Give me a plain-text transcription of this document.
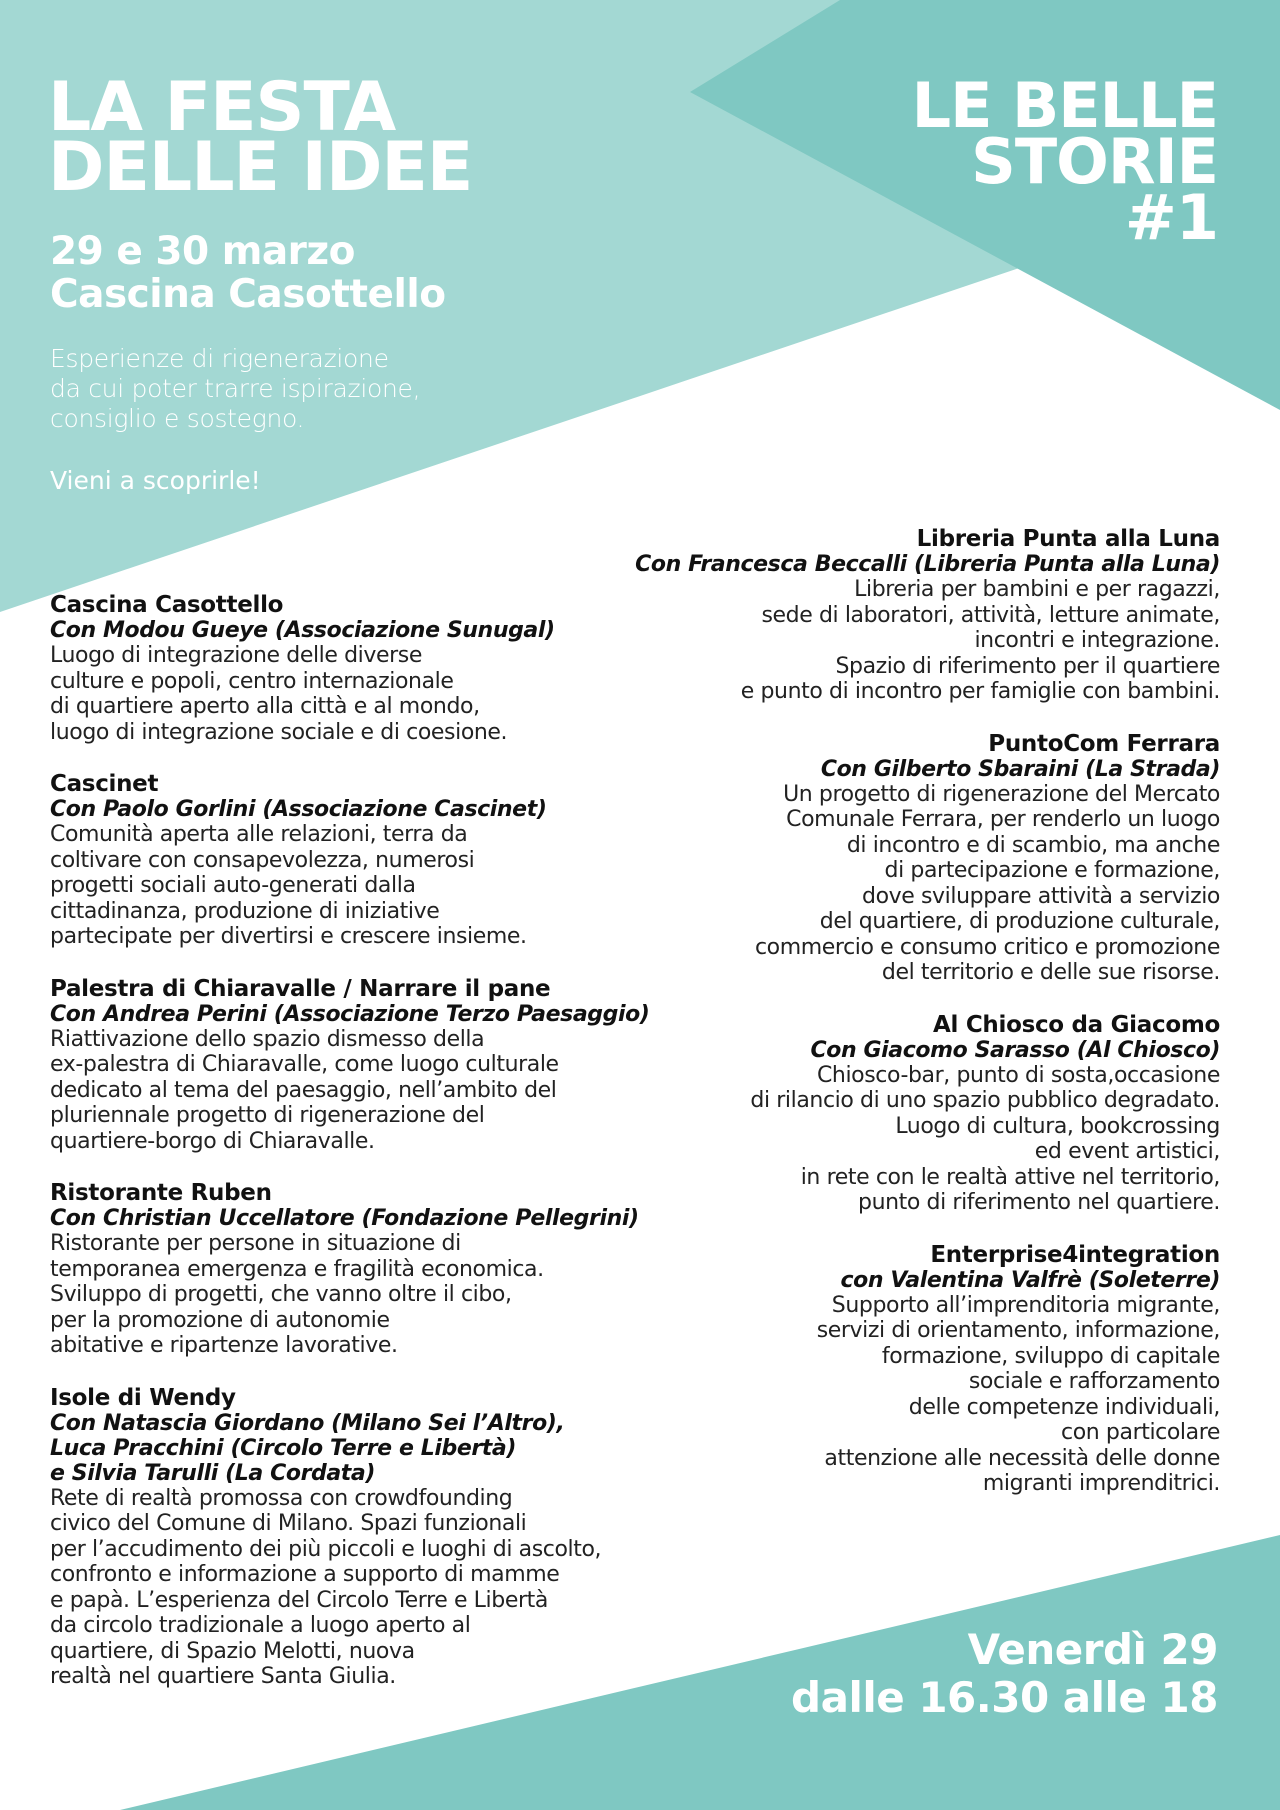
LA FESTA
DELLE IDEE

29 e 30 marzo
Cascina Casottello

Esperienze di rigenerazione
da cui poter trarre ispirazione,
consiglio e sostegno.

Vieni a scoprirle!

LE BELLE
STORIE
#1
Cascina Casottello

Con Modou Gueye (Associazione Sunugal)

Luogo di integrazione delle diverse
culture e popoli, centro internazionale
di quartiere aperto alla città e al mondo,
luogo di integrazione sociale e di coesione.

Cascinet

Con Paolo Gorlini (Associazione Cascinet)

Comunità aperta alle relazioni, terra da
coltivare con consapevolezza, numerosi
progetti sociali auto-generati dalla
cittadinanza, produzione di iniziative
partecipate per divertirsi e crescere insieme.

Palestra di Chiaravalle / Narrare il pane

Con Andrea Perini (Associazione Terzo Paesaggio)

Riattivazione dello spazio dismesso della
ex-palestra di Chiaravalle, come luogo culturale
dedicato al tema del paesaggio, nell’ambito del
pluriennale progetto di rigenerazione del
quartiere-borgo di Chiaravalle.

Ristorante Ruben

Con Christian Uccellatore (Fondazione Pellegrini)

Ristorante per persone in situazione di
temporanea emergenza e fragilità economica.
Sviluppo di progetti, che vanno oltre il cibo,
per la promozione di autonomie
abitative e ripartenze lavorative.

Isole di Wendy

Con Natascia Giordano (Milano Sei l’Altro),
Luca Pracchini (Circolo Terre e Libertà)
e Silvia Tarulli (La Cordata)

Rete di realtà promossa con crowdfounding
civico del Comune di Milano. Spazi funzionali
per l’accudimento dei più piccoli e luoghi di ascolto,
confronto e informazione a supporto di mamme
e papà. L’esperienza del Circolo Terre e Libertà
da circolo tradizionale a luogo aperto al
quartiere, di Spazio Melotti, nuova
realtà nel quartiere Santa Giulia.

Libreria Punta alla Luna

Con Francesca Beccalli (Libreria Punta alla Luna)

Libreria per bambini e per ragazzi,
sede di laboratori, attività, letture animate,
incontri e integrazione.
Spazio di riferimento per il quartiere
e punto di incontro per famiglie con bambini.

PuntoCom Ferrara

Con Gilberto Sbaraini (La Strada)

Un progetto di rigenerazione del Mercato
Comunale Ferrara, per renderlo un luogo
di incontro e di scambio, ma anche
di partecipazione e formazione,
dove sviluppare attività a servizio
del quartiere, di produzione culturale,
commercio e consumo critico e promozione
del territorio e delle sue risorse.

Al Chiosco da Giacomo

Con Giacomo Sarasso (Al Chiosco)

Chiosco-bar, punto di sosta,occasione
di rilancio di uno spazio pubblico degradato.
Luogo di cultura, bookcrossing
ed event artistici,
in rete con le realtà attive nel territorio,
punto di riferimento nel quartiere.

Enterprise4integration

con Valentina Valfrè (Soleterre)

Supporto all’imprenditoria migrante,
servizi di orientamento, informazione,
formazione, sviluppo di capitale
sociale e rafforzamento
delle competenze individuali,
con particolare
attenzione alle necessità delle donne
migranti imprenditrici.

Venerdì 29
dalle 16.30 alle 18
